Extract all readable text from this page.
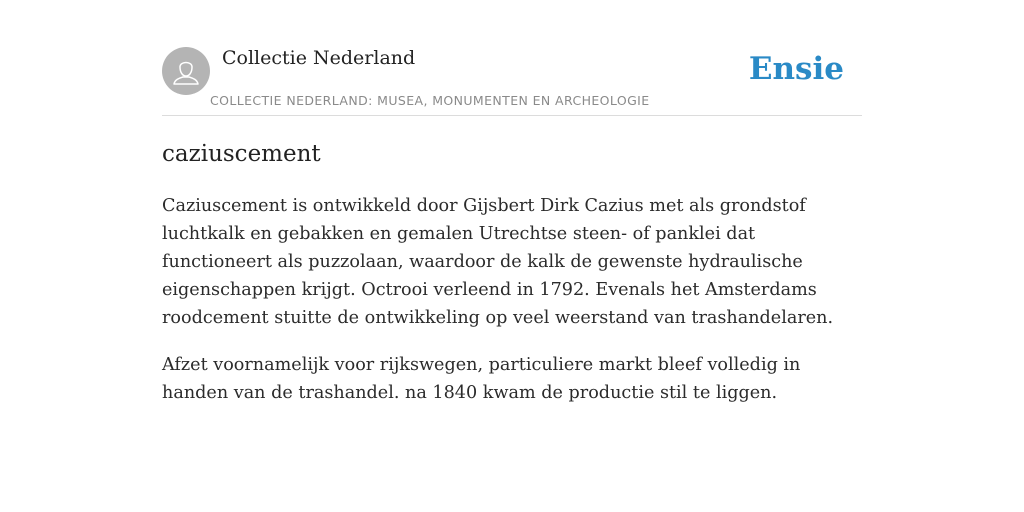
Collectie Nederland
COLLECTIE NEDERLAND: MUSEA, MONUMENTEN EN ARCHEOLOGIE
Ensie
caziuscement

Caziuscement is ontwikkeld door Gijsbert Dirk Cazius met als grondstof luchtkalk en gebakken en gemalen Utrechtse steen- of panklei dat functioneert als puzzolaan, waardoor de kalk de gewenste hydraulische eigenschappen krijgt. Octrooi verleend in 1792. Evenals het Amsterdams roodcement stuitte de ontwikkeling op veel weerstand van trashandelaren.

Afzet voornamelijk voor rijkswegen, particuliere markt bleef volledig in handen van de trashandel. na 1840 kwam de productie stil te liggen.
